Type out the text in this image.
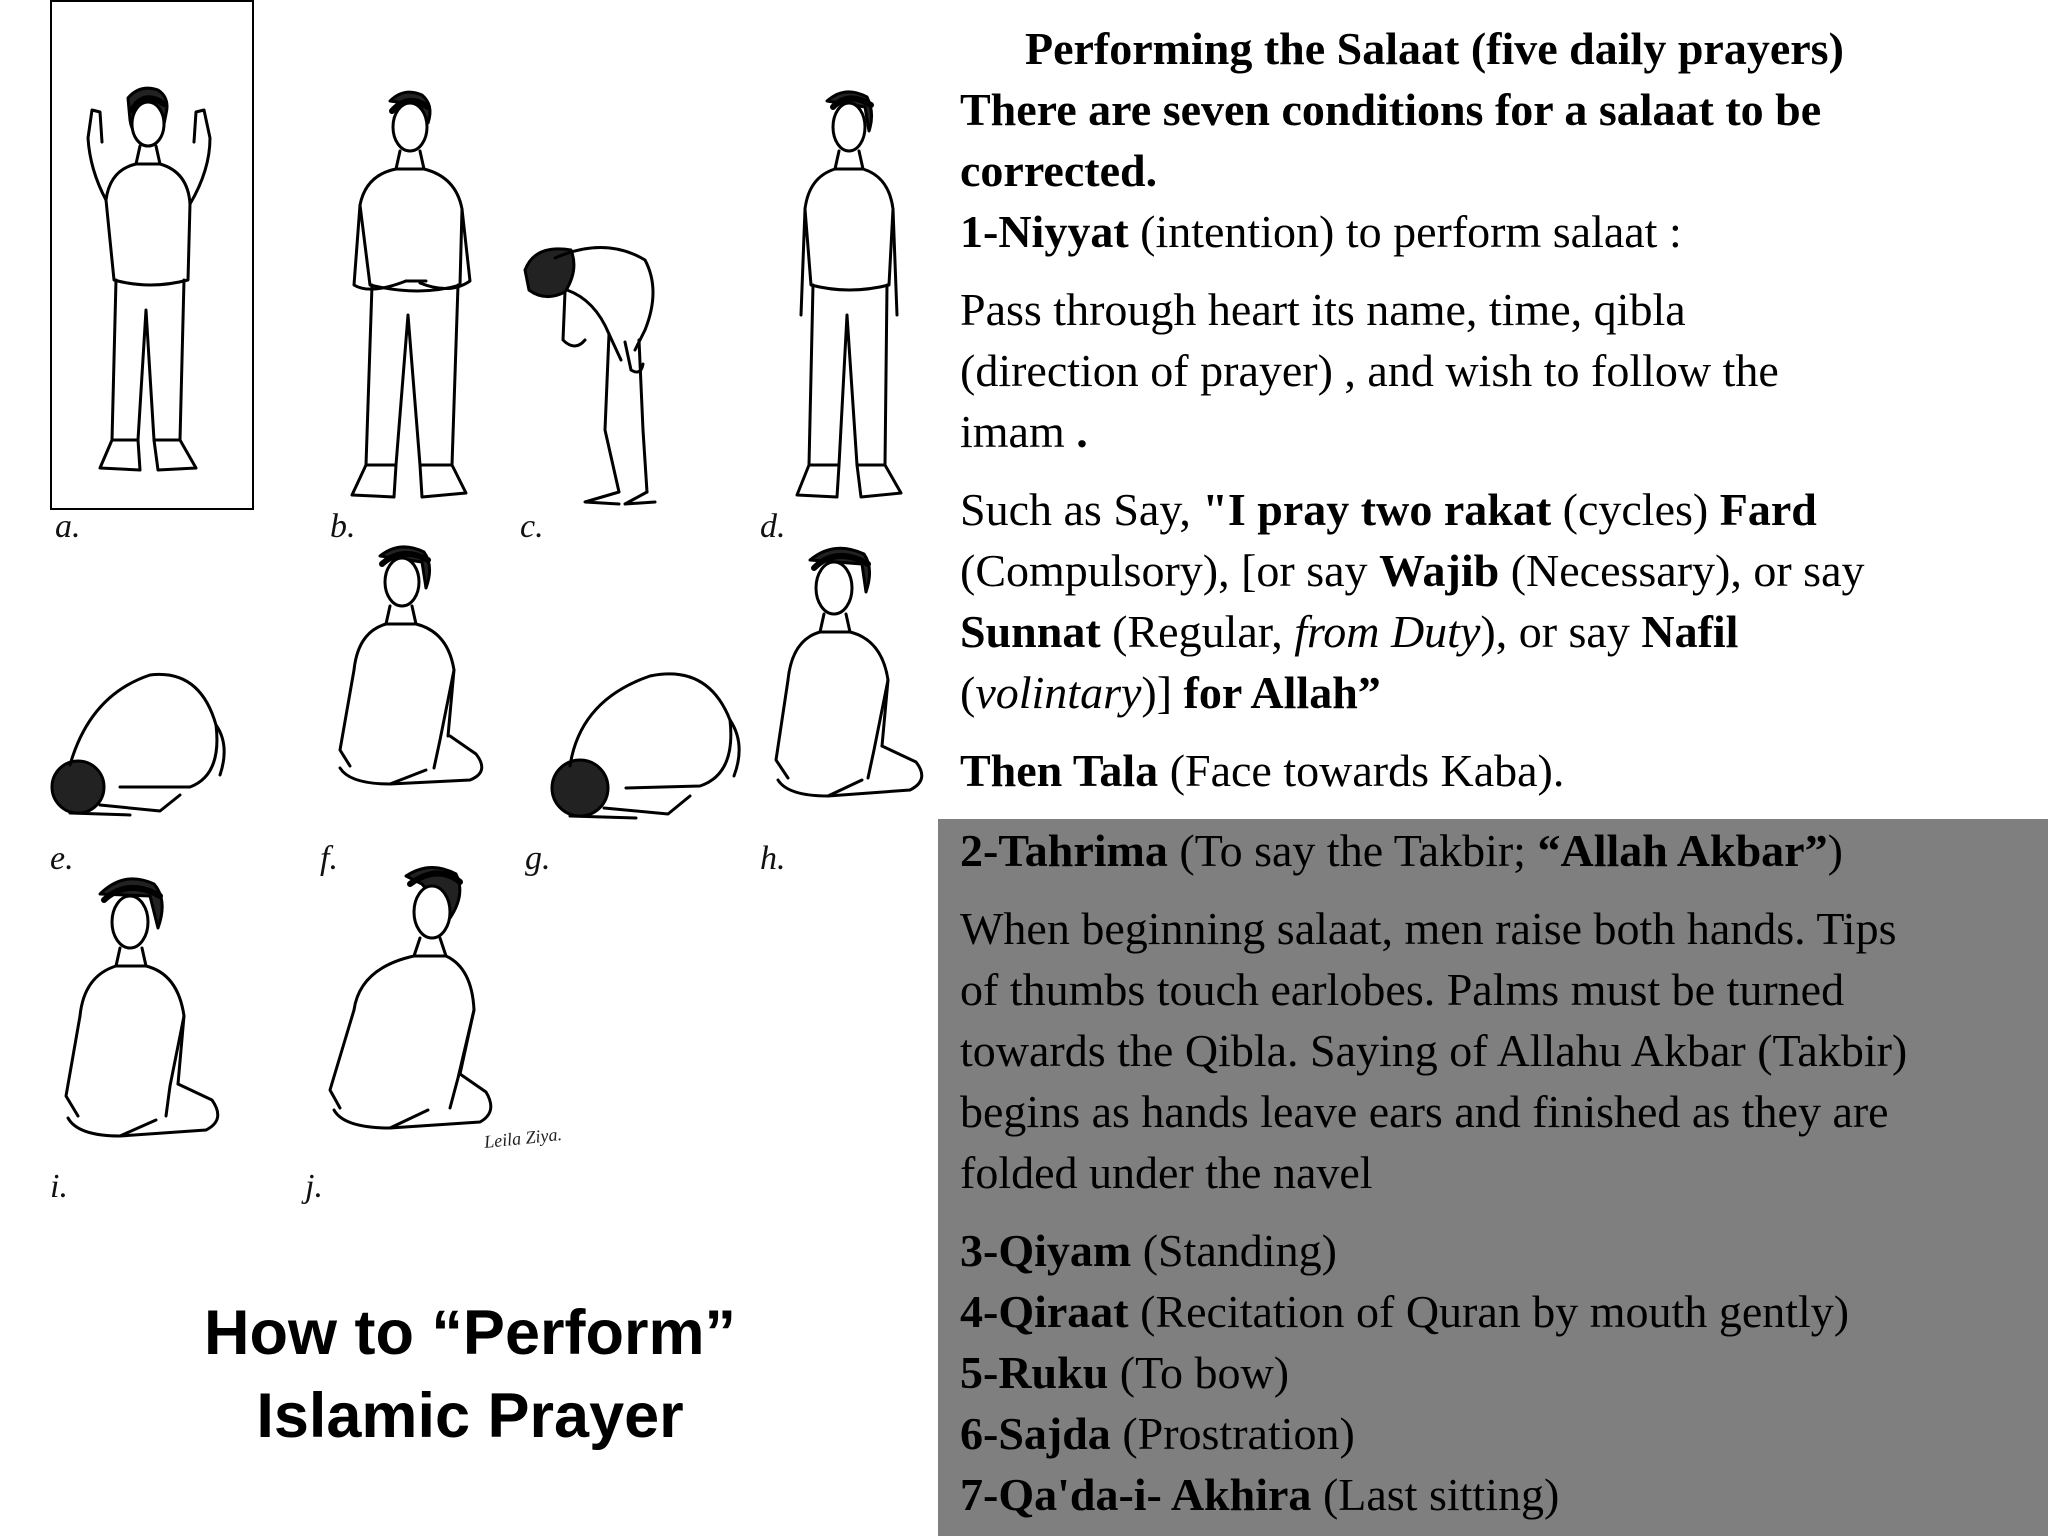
a.	b.	c.	d.
e.	f.	g.	h.
i.	j.
Leila Ziya.
How to “Perform”
Islamic Prayer

Performing the Salaat (five daily prayers)

There are seven conditions for a salaat to be

corrected.

1-Niyyat (intention) to perform salaat :

Pass through heart its name, time, qibla

(direction of prayer) , and wish to follow the

imam .

Such as Say, "I pray two rakat (cycles) Fard

(Compulsory), [or say Wajib (Necessary), or say

Sunnat (Regular, from Duty), or say Nafil

(volintary)] for Allah”

Then Tala (Face towards Kaba).

2-Tahrima (To say the Takbir; “Allah Akbar”)

When beginning salaat, men raise both hands. Tips

of thumbs touch earlobes. Palms must be turned

towards the Qibla. Saying of Allahu Akbar (Takbir)

begins as hands leave ears and finished as they are

folded under the navel

3-Qiyam (Standing)

4-Qiraat (Recitation of Quran by mouth gently)

5-Ruku (To bow)

6-Sajda (Prostration)

7-Qa'da-i- Akhira (Last sitting)
